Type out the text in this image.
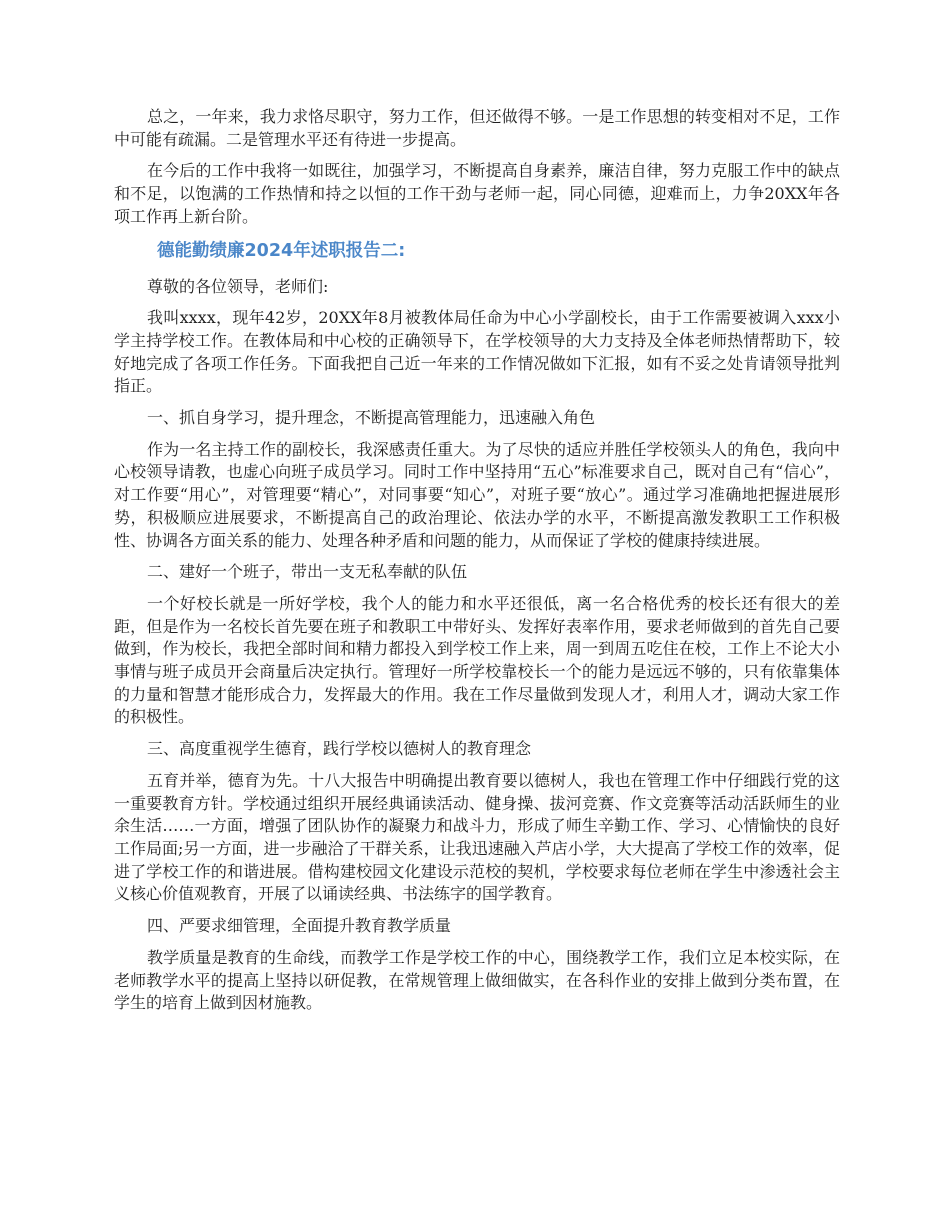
总之，一年来，我力求恪尽职守，努力工作，但还做得不够。一是工作思想的转变相对不足，工作中可能有疏漏。二是管理水平还有待进一步提高。

在今后的工作中我将一如既往，加强学习，不断提高自身素养，廉洁自律，努力克服工作中的缺点和不足，以饱满的工作热情和持之以恒的工作干劲与老师一起，同心同德，迎难而上，力争20XX年各项工作再上新台阶。

德能勤绩廉2024年述职报告二:

尊敬的各位领导，老师们:

我叫xxxx，现年42岁，20XX年8月被教体局任命为中心小学副校长，由于工作需要被调入xxx小学主持学校工作。在教体局和中心校的正确领导下，在学校领导的大力支持及全体老师热情帮助下，较好地完成了各项工作任务。下面我把自己近一年来的工作情况做如下汇报，如有不妥之处肯请领导批判指正。

一、抓自身学习，提升理念，不断提高管理能力，迅速融入角色

作为一名主持工作的副校长，我深感责任重大。为了尽快的适应并胜任学校领头人的角色，我向中心校领导请教，也虚心向班子成员学习。同时工作中坚持用“五心”标准要求自己，既对自己有“信心”，对工作要“用心”，对管理要“精心”，对同事要“知心”，对班子要“放心”。通过学习准确地把握进展形势，积极顺应进展要求，不断提高自己的政治理论、依法办学的水平，不断提高激发教职工工作积极性、协调各方面关系的能力、处理各种矛盾和问题的能力，从而保证了学校的健康持续进展。

二、建好一个班子，带出一支无私奉献的队伍

一个好校长就是一所好学校，我个人的能力和水平还很低，离一名合格优秀的校长还有很大的差距，但是作为一名校长首先要在班子和教职工中带好头、发挥好表率作用，要求老师做到的首先自己要做到，作为校长，我把全部时间和精力都投入到学校工作上来，周一到周五吃住在校，工作上不论大小事情与班子成员开会商量后决定执行。管理好一所学校靠校长一个的能力是远远不够的，只有依靠集体的力量和智慧才能形成合力，发挥最大的作用。我在工作尽量做到发现人才，利用人才，调动大家工作的积极性。

三、高度重视学生德育，践行学校以德树人的教育理念

五育并举，德育为先。十八大报告中明确提出教育要以德树人，我也在管理工作中仔细践行党的这一重要教育方针。学校通过组织开展经典诵读活动、健身操、拔河竞赛、作文竞赛等活动活跃师生的业余生活……一方面，增强了团队协作的凝聚力和战斗力，形成了师生辛勤工作、学习、心情愉快的良好工作局面;另一方面，进一步融洽了干群关系，让我迅速融入芦店小学，大大提高了学校工作的效率，促进了学校工作的和谐进展。借构建校园文化建设示范校的契机，学校要求每位老师在学生中渗透社会主义核心价值观教育，开展了以诵读经典、书法练字的国学教育。

四、严要求细管理，全面提升教育教学质量

教学质量是教育的生命线，而教学工作是学校工作的中心，围绕教学工作，我们立足本校实际，在老师教学水平的提高上坚持以研促教，在常规管理上做细做实，在各科作业的安排上做到分类布置，在学生的培育上做到因材施教。
